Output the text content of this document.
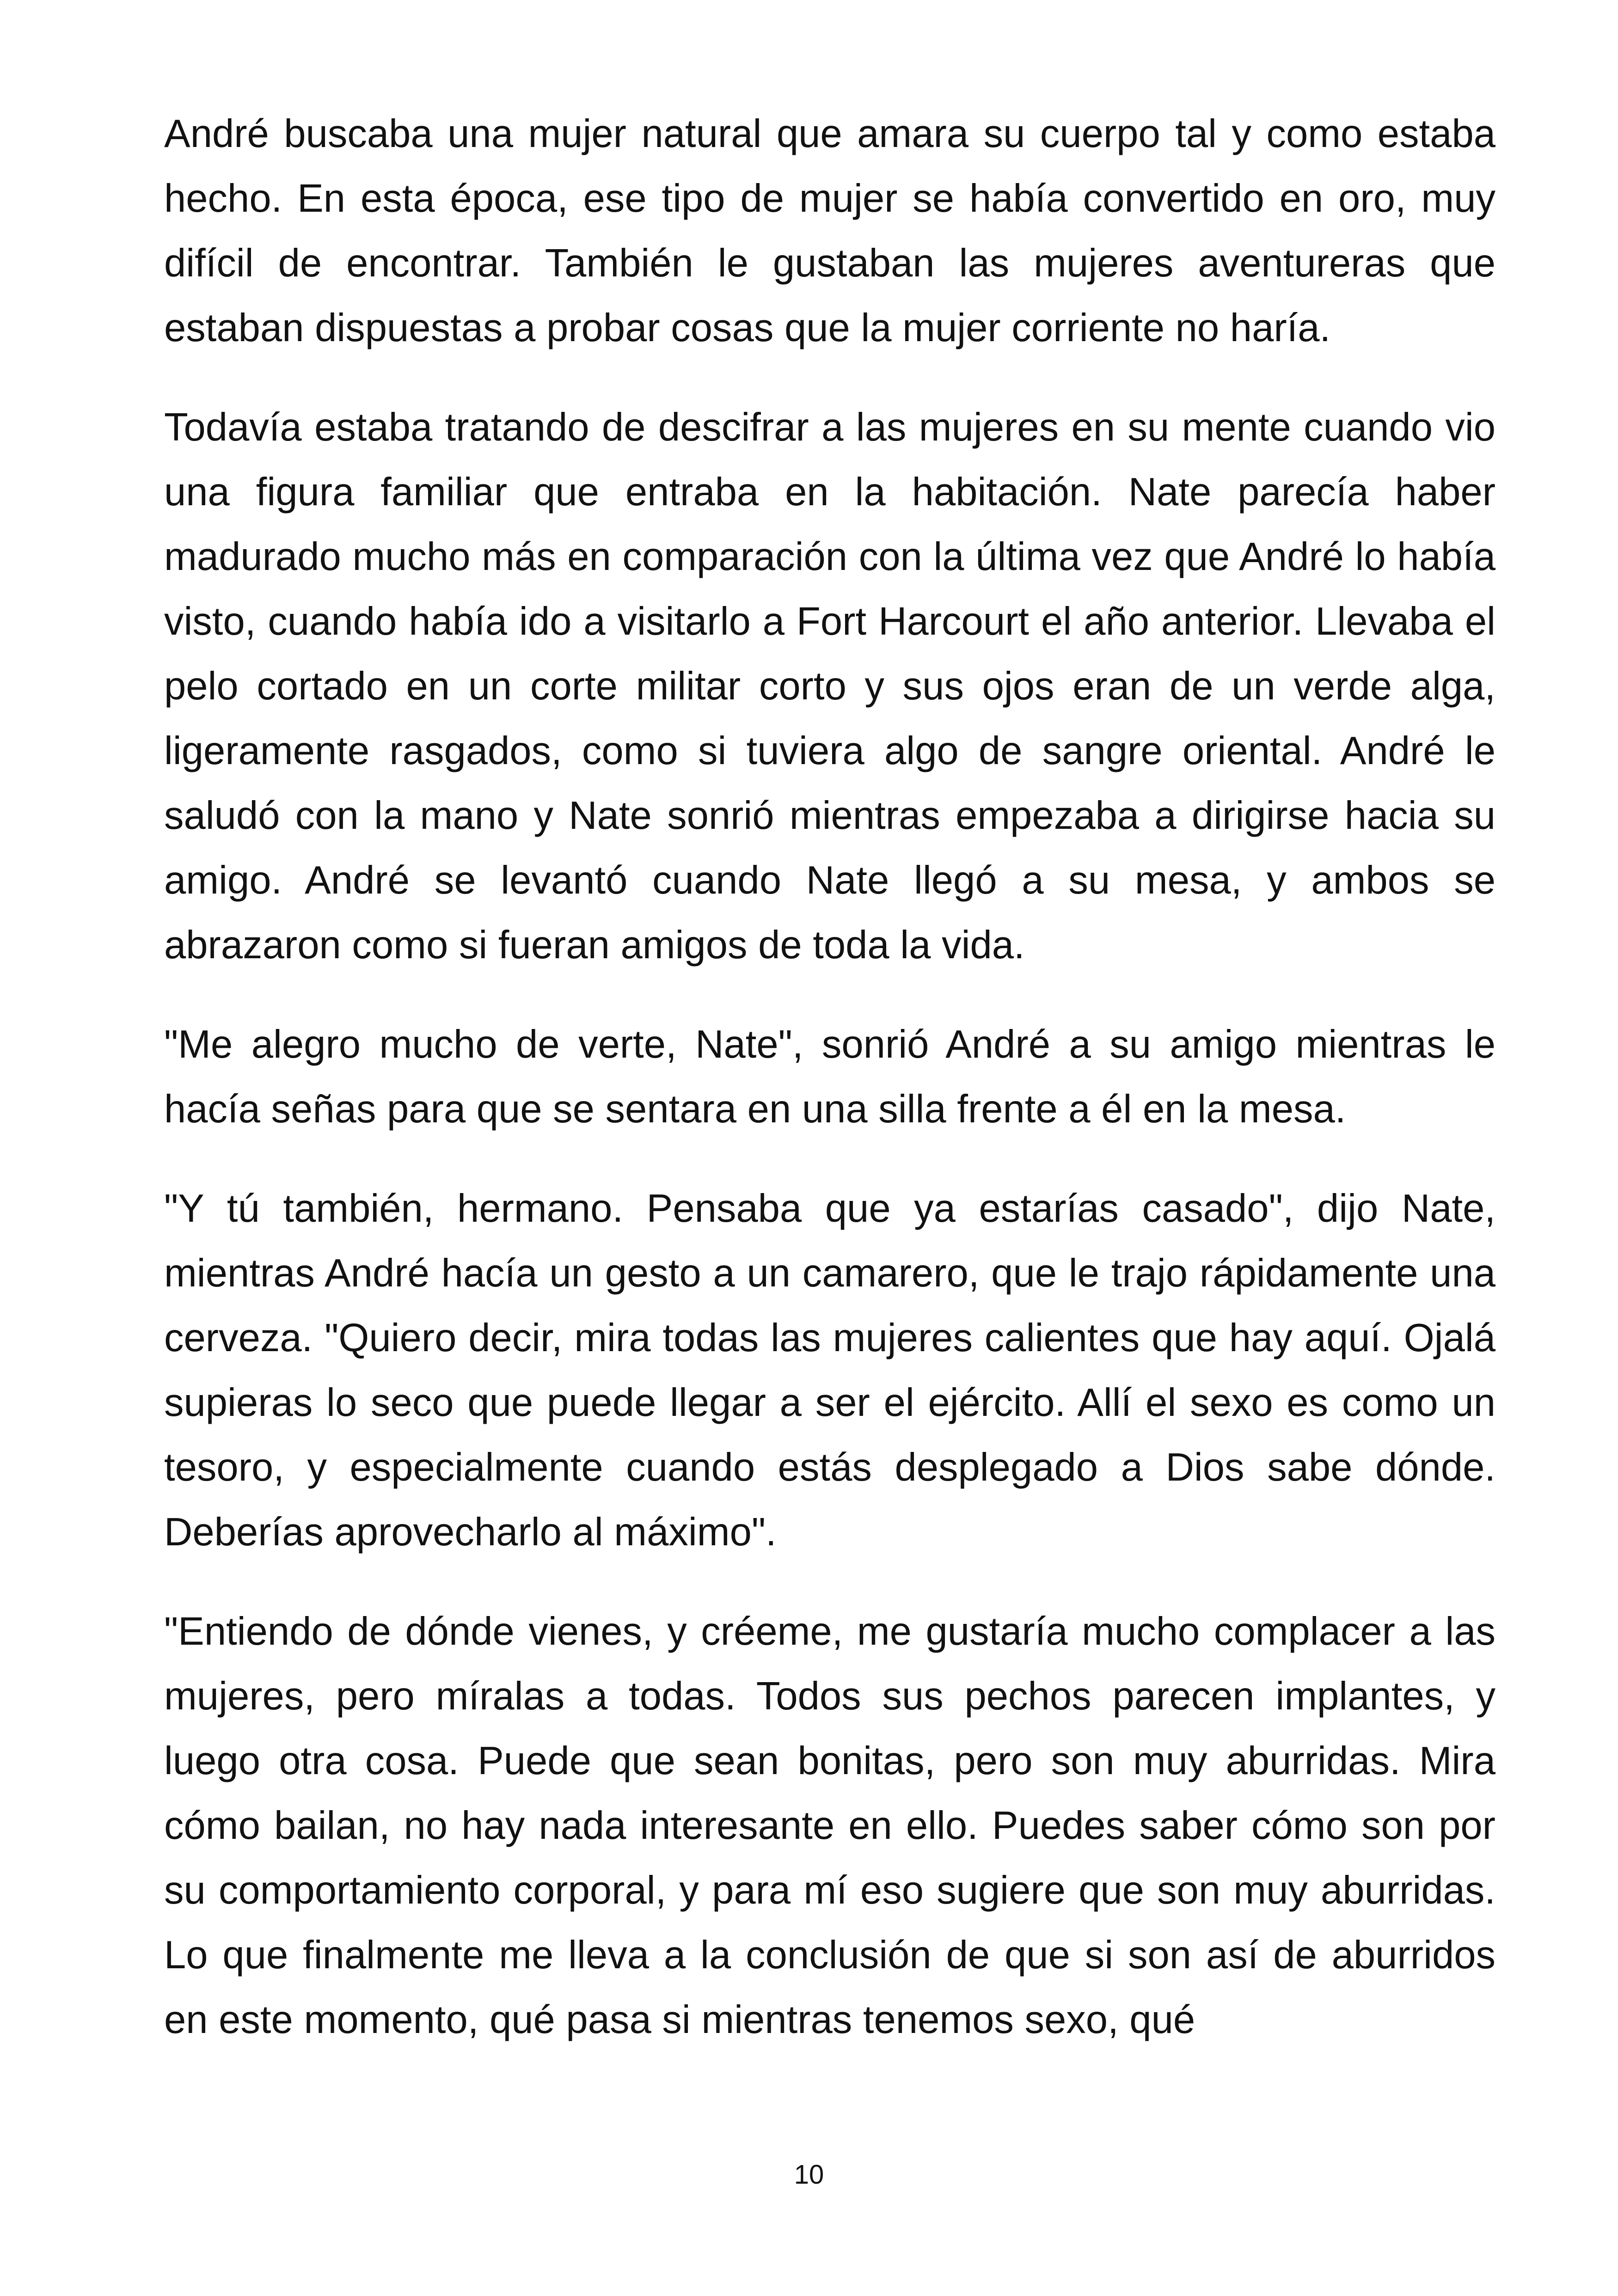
André buscaba una mujer natural que amara su cuerpo tal y como estaba hecho. En esta época, ese tipo de mujer se había convertido en oro, muy difícil de encontrar. También le gustaban las mujeres aventureras que estaban dispuestas a probar cosas que la mujer corriente no haría.

Todavía estaba tratando de descifrar a las mujeres en su mente cuando vio una figura familiar que entraba en la habitación. Nate parecía haber madurado mucho más en comparación con la última vez que André lo había visto, cuando había ido a visitarlo a Fort Harcourt el año anterior. Llevaba el pelo cortado en un corte militar corto y sus ojos eran de un verde alga, ligeramente rasgados, como si tuviera algo de sangre oriental. André le saludó con la mano y Nate sonrió mientras empezaba a dirigirse hacia su amigo. André se levantó cuando Nate llegó a su mesa, y ambos se abrazaron como si fueran amigos de toda la vida.

"Me alegro mucho de verte, Nate", sonrió André a su amigo mientras le hacía señas para que se sentara en una silla frente a él en la mesa.

"Y tú también, hermano. Pensaba que ya estarías casado", dijo Nate, mientras André hacía un gesto a un camarero, que le trajo rápidamente una cerveza. "Quiero decir, mira todas las mujeres calientes que hay aquí. Ojalá supieras lo seco que puede llegar a ser el ejército. Allí el sexo es como un tesoro, y especialmente cuando estás desplegado a Dios sabe dónde. Deberías aprovecharlo al máximo".

"Entiendo de dónde vienes, y créeme, me gustaría mucho complacer a las mujeres, pero míralas a todas. Todos sus pechos parecen implantes, y luego otra cosa. Puede que sean bonitas, pero son muy aburridas. Mira cómo bailan, no hay nada interesante en ello. Puedes saber cómo son por su comportamiento corporal, y para mí eso sugiere que son muy aburridas. Lo que finalmente me lleva a la conclusión de que si son así de aburridos en este momento, qué pasa si mientras tenemos sexo, qué

10
